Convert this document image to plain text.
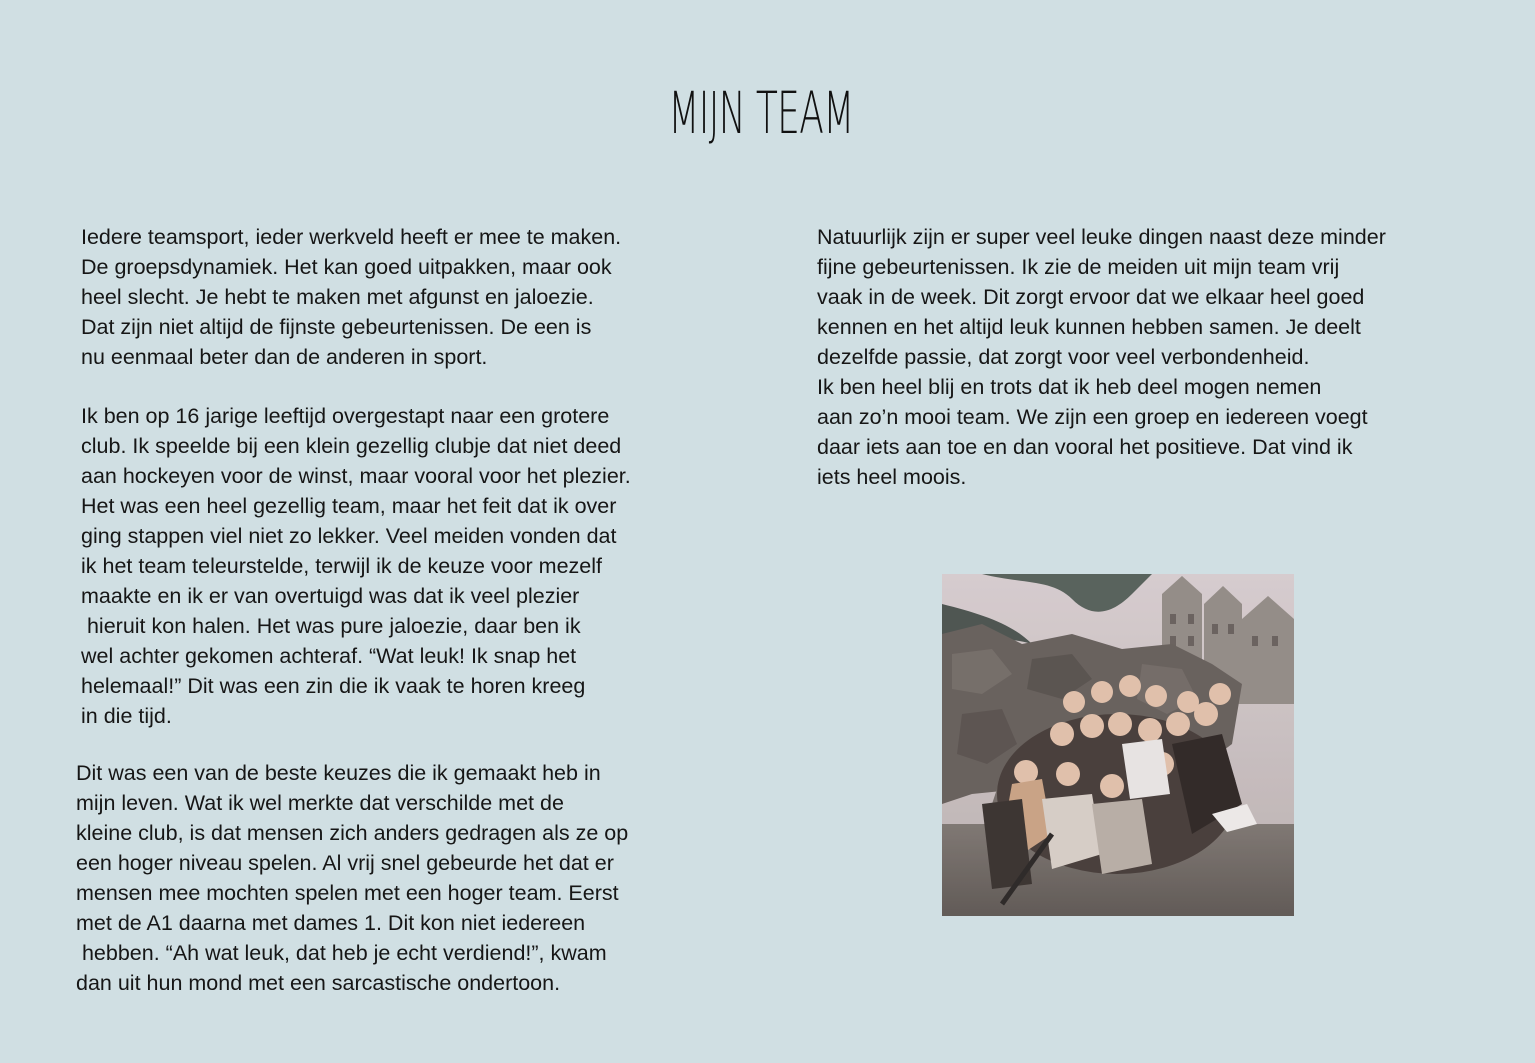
MIJN TEAM

Iedere teamsport, ieder werkveld heeft er mee te maken.
De groepsdynamiek. Het kan goed uitpakken, maar ook
heel slecht. Je hebt te maken met afgunst en jaloezie.
Dat zijn niet altijd de fijnste gebeurtenissen. De een is
nu eenmaal beter dan de anderen in sport.

Ik ben op 16 jarige leeftijd overgestapt naar een grotere
club. Ik speelde bij een klein gezellig clubje dat niet deed
aan hockeyen voor de winst, maar vooral voor het plezier.
Het was een heel gezellig team, maar het feit dat ik over
ging stappen viel niet zo lekker. Veel meiden vonden dat
ik het team teleurstelde, terwijl ik de keuze voor mezelf
maakte en ik er van overtuigd was dat ik veel plezier
hieruit kon halen. Het was pure jaloezie, daar ben ik
wel achter gekomen achteraf. “Wat leuk! Ik snap het
helemaal!” Dit was een zin die ik vaak te horen kreeg
in die tijd.

Dit was een van de beste keuzes die ik gemaakt heb in
mijn leven. Wat ik wel merkte dat verschilde met de
kleine club, is dat mensen zich anders gedragen als ze op
een hoger niveau spelen. Al vrij snel gebeurde het dat er
mensen mee mochten spelen met een hoger team. Eerst
met de A1 daarna met dames 1. Dit kon niet iedereen
hebben. “Ah wat leuk, dat heb je echt verdiend!”, kwam
dan uit hun mond met een sarcastische ondertoon.

Natuurlijk zijn er super veel leuke dingen naast deze minder
fijne gebeurtenissen. Ik zie de meiden uit mijn team vrij
vaak in de week. Dit zorgt ervoor dat we elkaar heel goed
kennen en het altijd leuk kunnen hebben samen. Je deelt
dezelfde passie, dat zorgt voor veel verbondenheid.
Ik ben heel blij en trots dat ik heb deel mogen nemen
aan zo’n mooi team. We zijn een groep en iedereen voegt
daar iets aan toe en dan vooral het positieve. Dat vind ik
iets heel moois.
